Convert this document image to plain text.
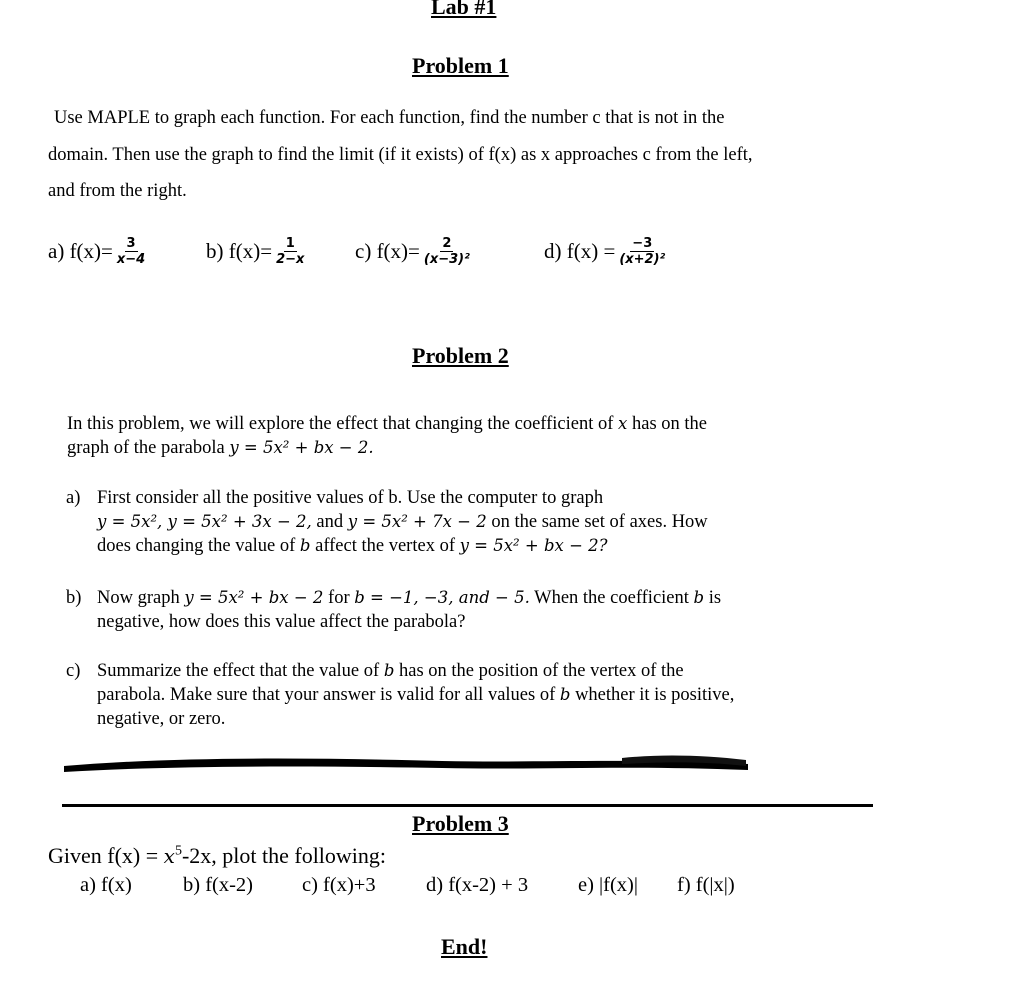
Lab #1
Problem 1
Use MAPLE to graph each function. For each function, find the number c that is not in the
domain. Then use the graph to find the limit (if it exists) of f(x) as x approaches c from the left,
and from the right.
a) $f(x)= \frac{3}{x-4}$	b) $f(x)= \frac{1}{2-x} c$) $f(x)= \frac{2}{\text{(x−3)²}}$	d) $f(x) = \frac{-3}{\text{(x+2)²}}$
Problem 2
In this problem, we will explore the effect that changing the coefficient of x has on the
graph of the parabola y = 5x² + bx − 2.
a) First consider all the positive values of b. Use the computer to graph
y = 5x², y = 5x² + 3x − 2, and y = 5x² + 7x − 2 on the same set of axes. How
does changing the value of b affect the vertex of y = 5x² + bx − 2?
b) Now graph y = 5x² + bx − 2 for b = −1, −3, and − 5. When the coefficient b is
negative, how does this value affect the parabola?
c) Summarize the effect that the value of b has on the position of the vertex of the
parabola. Make sure that your answer is valid for all values of b whether it is positive,
negative, or zero.
Problem 3
Given $f(x) = x^5-2x$, plot the following:
a) f(x) b) f(x-2) c) f(x)+3 d) f(x-2) + 3 e) |f(x)| f) f(|x|)
End!
